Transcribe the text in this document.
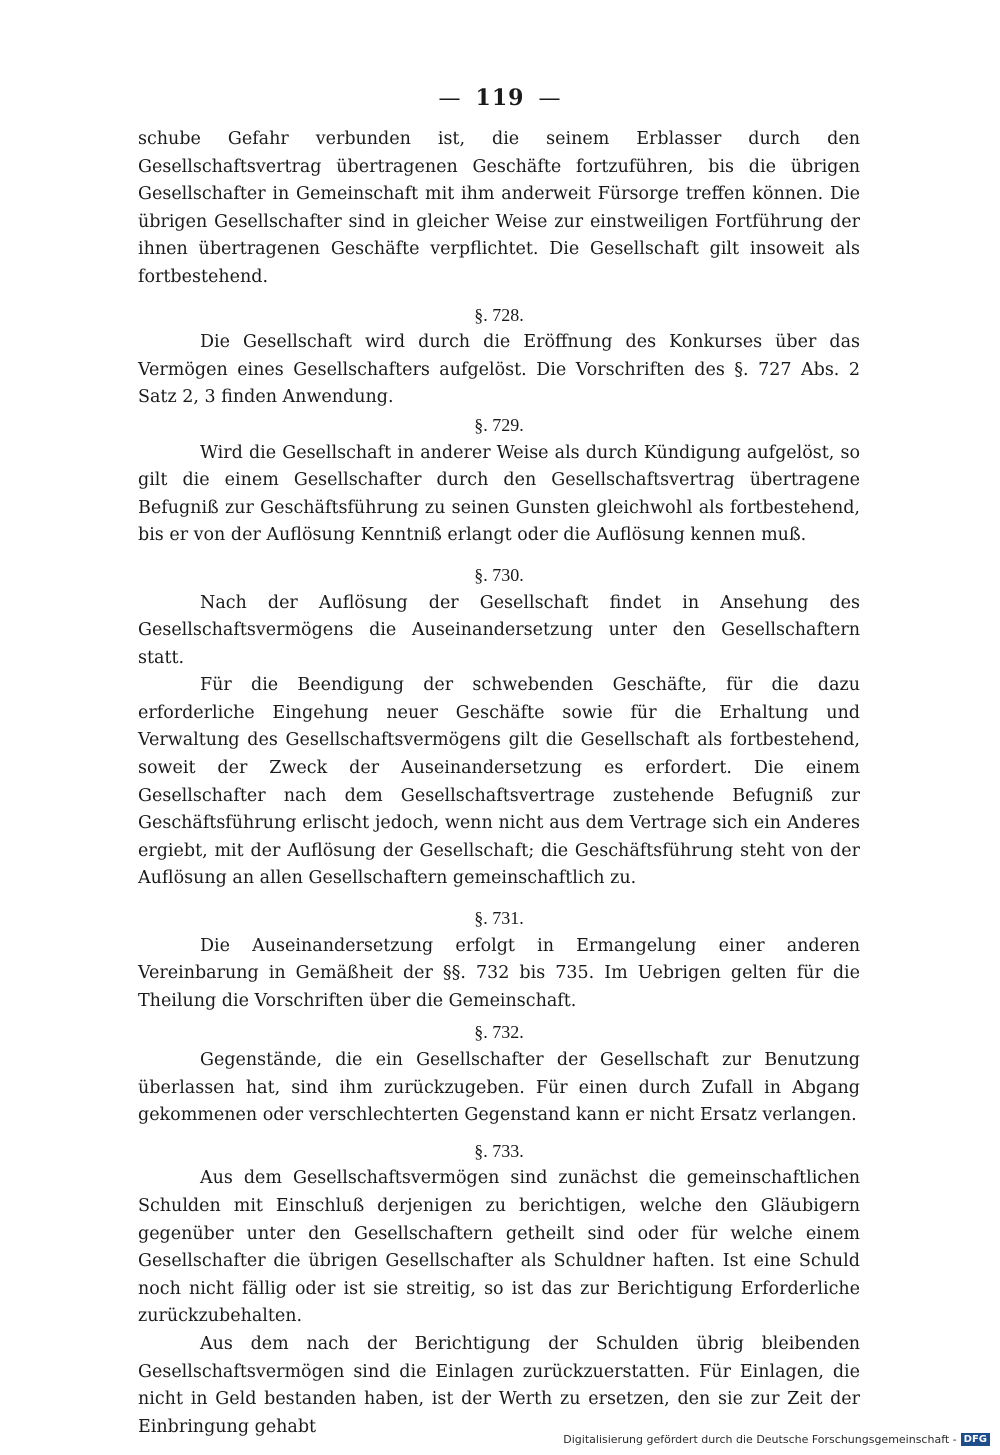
— 119 —

schube Gefahr verbunden ist, die seinem Erblasser durch den Gesellschaftsvertrag übertragenen Geschäfte fortzuführen, bis die übrigen Gesellschafter in Gemeinschaft mit ihm anderweit Fürsorge treffen können. Die übrigen Gesellschafter sind in gleicher Weise zur einstweiligen Fortführung der ihnen übertragenen Geschäfte verpflichtet. Die Gesellschaft gilt insoweit als fortbestehend.

§. 728.

Die Gesellschaft wird durch die Eröffnung des Konkurses über das Vermögen eines Gesellschafters aufgelöst. Die Vorschriften des §. 727 Abs. 2 Satz 2, 3 finden Anwendung.

§. 729.

Wird die Gesellschaft in anderer Weise als durch Kündigung aufgelöst, so gilt die einem Gesellschafter durch den Gesellschaftsvertrag übertragene Befugniß zur Geschäftsführung zu seinen Gunsten gleichwohl als fortbestehend, bis er von der Auflösung Kenntniß erlangt oder die Auflösung kennen muß.

§. 730.

Nach der Auflösung der Gesellschaft findet in Ansehung des Gesellschaftsvermögens die Auseinandersetzung unter den Gesellschaftern statt.

Für die Beendigung der schwebenden Geschäfte, für die dazu erforderliche Eingehung neuer Geschäfte sowie für die Erhaltung und Verwaltung des Gesellschaftsvermögens gilt die Gesellschaft als fortbestehend, soweit der Zweck der Auseinandersetzung es erfordert. Die einem Gesellschafter nach dem Gesellschaftsvertrage zustehende Befugniß zur Geschäftsführung erlischt jedoch, wenn nicht aus dem Vertrage sich ein Anderes ergiebt, mit der Auflösung der Gesellschaft; die Geschäftsführung steht von der Auflösung an allen Gesellschaftern gemeinschaftlich zu.

§. 731.

Die Auseinandersetzung erfolgt in Ermangelung einer anderen Vereinbarung in Gemäßheit der §§. 732 bis 735. Im Uebrigen gelten für die Theilung die Vorschriften über die Gemeinschaft.

§. 732.

Gegenstände, die ein Gesellschafter der Gesellschaft zur Benutzung überlassen hat, sind ihm zurückzugeben. Für einen durch Zufall in Abgang gekommenen oder verschlechterten Gegenstand kann er nicht Ersatz verlangen.

§. 733.

Aus dem Gesellschaftsvermögen sind zunächst die gemeinschaftlichen Schulden mit Einschluß derjenigen zu berichtigen, welche den Gläubigern gegenüber unter den Gesellschaftern getheilt sind oder für welche einem Gesellschafter die übrigen Gesellschafter als Schuldner haften. Ist eine Schuld noch nicht fällig oder ist sie streitig, so ist das zur Berichtigung Erforderliche zurückzubehalten.

Aus dem nach der Berichtigung der Schulden übrig bleibenden Gesellschaftsvermögen sind die Einlagen zurückzuerstatten. Für Einlagen, die nicht in Geld bestanden haben, ist der Werth zu ersetzen, den sie zur Zeit der Einbringung gehabt

Digitalisierung gefördert durch die Deutsche Forschungsgemeinschaft - DFG
